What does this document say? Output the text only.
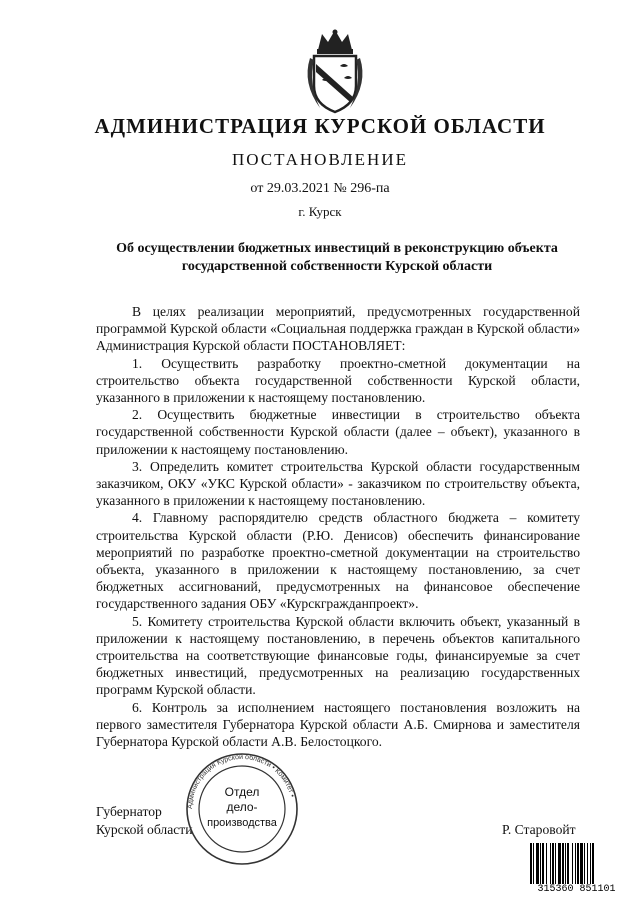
АДМИНИСТРАЦИЯ КУРСКОЙ ОБЛАСТИ
ПОСТАНОВЛЕНИЕ
от 29.03.2021 № 296-па
г. Курск
Об осуществлении бюджетных инвестиций в реконструкцию объекта государственной собственности Курской области

В целях реализации мероприятий, предусмотренных государственной программой Курской области «Социальная поддержка граждан в Курской области» Администрация Курской области ПОСТАНОВЛЯЕТ:

1. Осуществить разработку проектно-сметной документации на строительство объекта государственной собственности Курской области, указанного в приложении к настоящему постановлению.

2. Осуществить бюджетные инвестиции в строительство объекта государственной собственности Курской области (далее – объект), указанного в приложении к настоящему постановлению.

3. Определить комитет строительства Курской области государственным заказчиком, ОКУ «УКС Курской области» - заказчиком по строительству объекта, указанного в приложении к настоящему постановлению.

4. Главному распорядителю средств областного бюджета – комитету строительства Курской области (Р.Ю. Денисов) обеспечить финансирование мероприятий по разработке проектно-сметной документации на строительство объекта, указанного в приложении к настоящему постановлению, за счет бюджетных ассигнований, предусмотренных на финансовое обеспечение государственного задания ОБУ «Курскгражданпроект».

5. Комитету строительства Курской области включить объект, указанный в приложении к настоящему постановлению, в перечень объектов капитального строительства на соответствующие финансовые годы, финансируемые за счет бюджетных инвестиций, предусмотренных на реализацию государственных программ Курской области.

6. Контроль за исполнением настоящего постановления возложить на первого заместителя Губернатора Курской области А.Б. Смирнова и заместителя Губернатора Курской области А.В. Белостоцкого.

Губернатор
Курской области	Р. Старовойт
Администрация Курской области • Комитет •
Отдел
дело-
производства
315360 851101
